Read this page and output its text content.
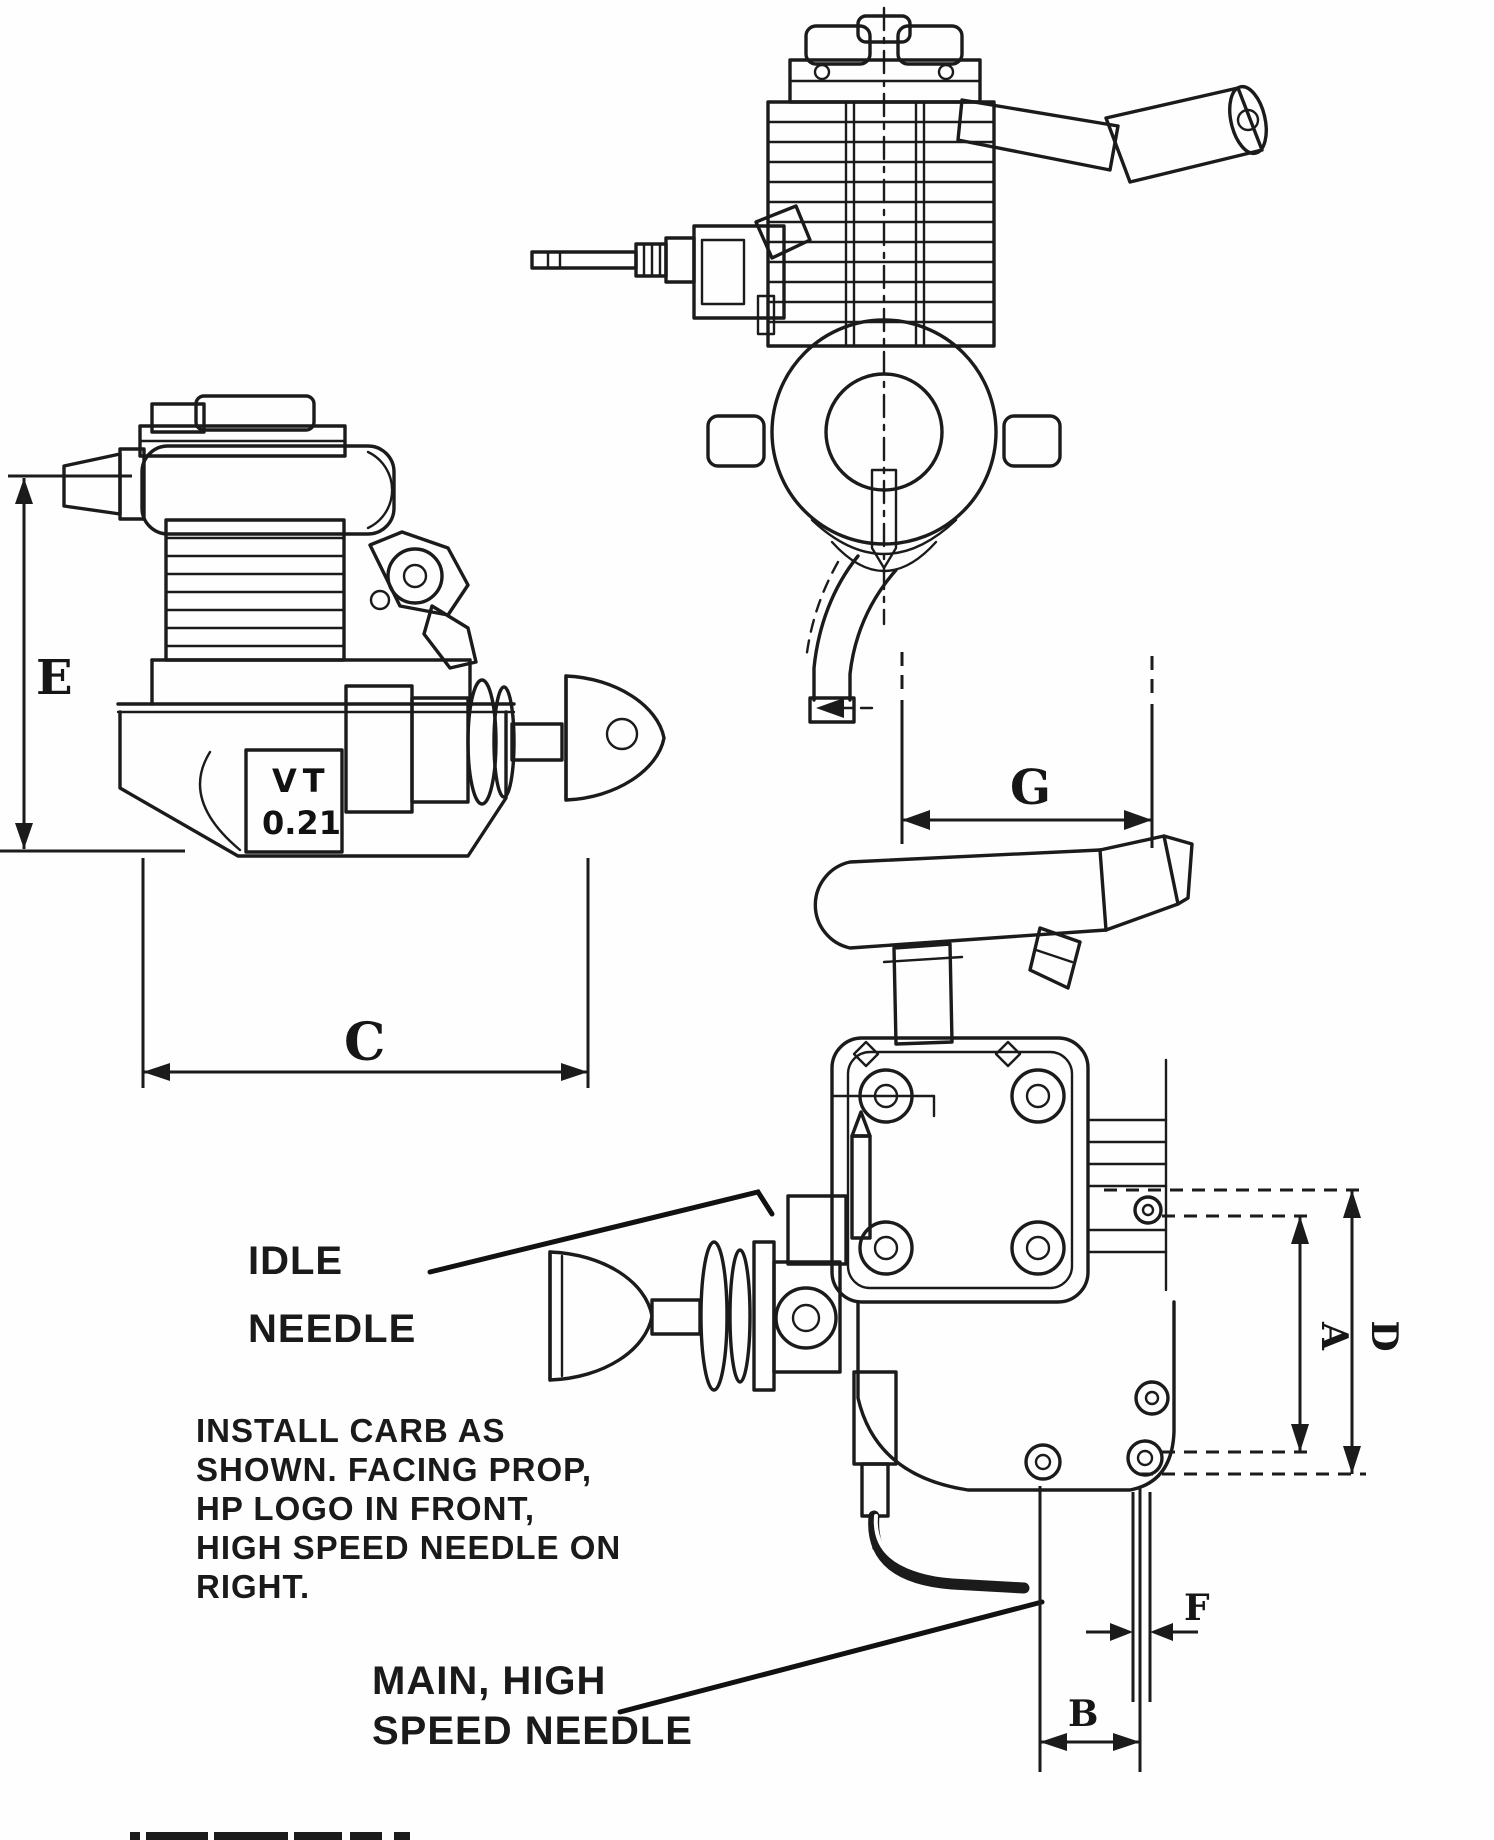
G
VT
0.21
E
C
A D
F
B
IDLE
NEEDLE
INSTALL CARB AS
SHOWN. FACING PROP,
HP LOGO IN FRONT,
HIGH SPEED NEEDLE ON
RIGHT.
MAIN, HIGH
SPEED NEEDLE
